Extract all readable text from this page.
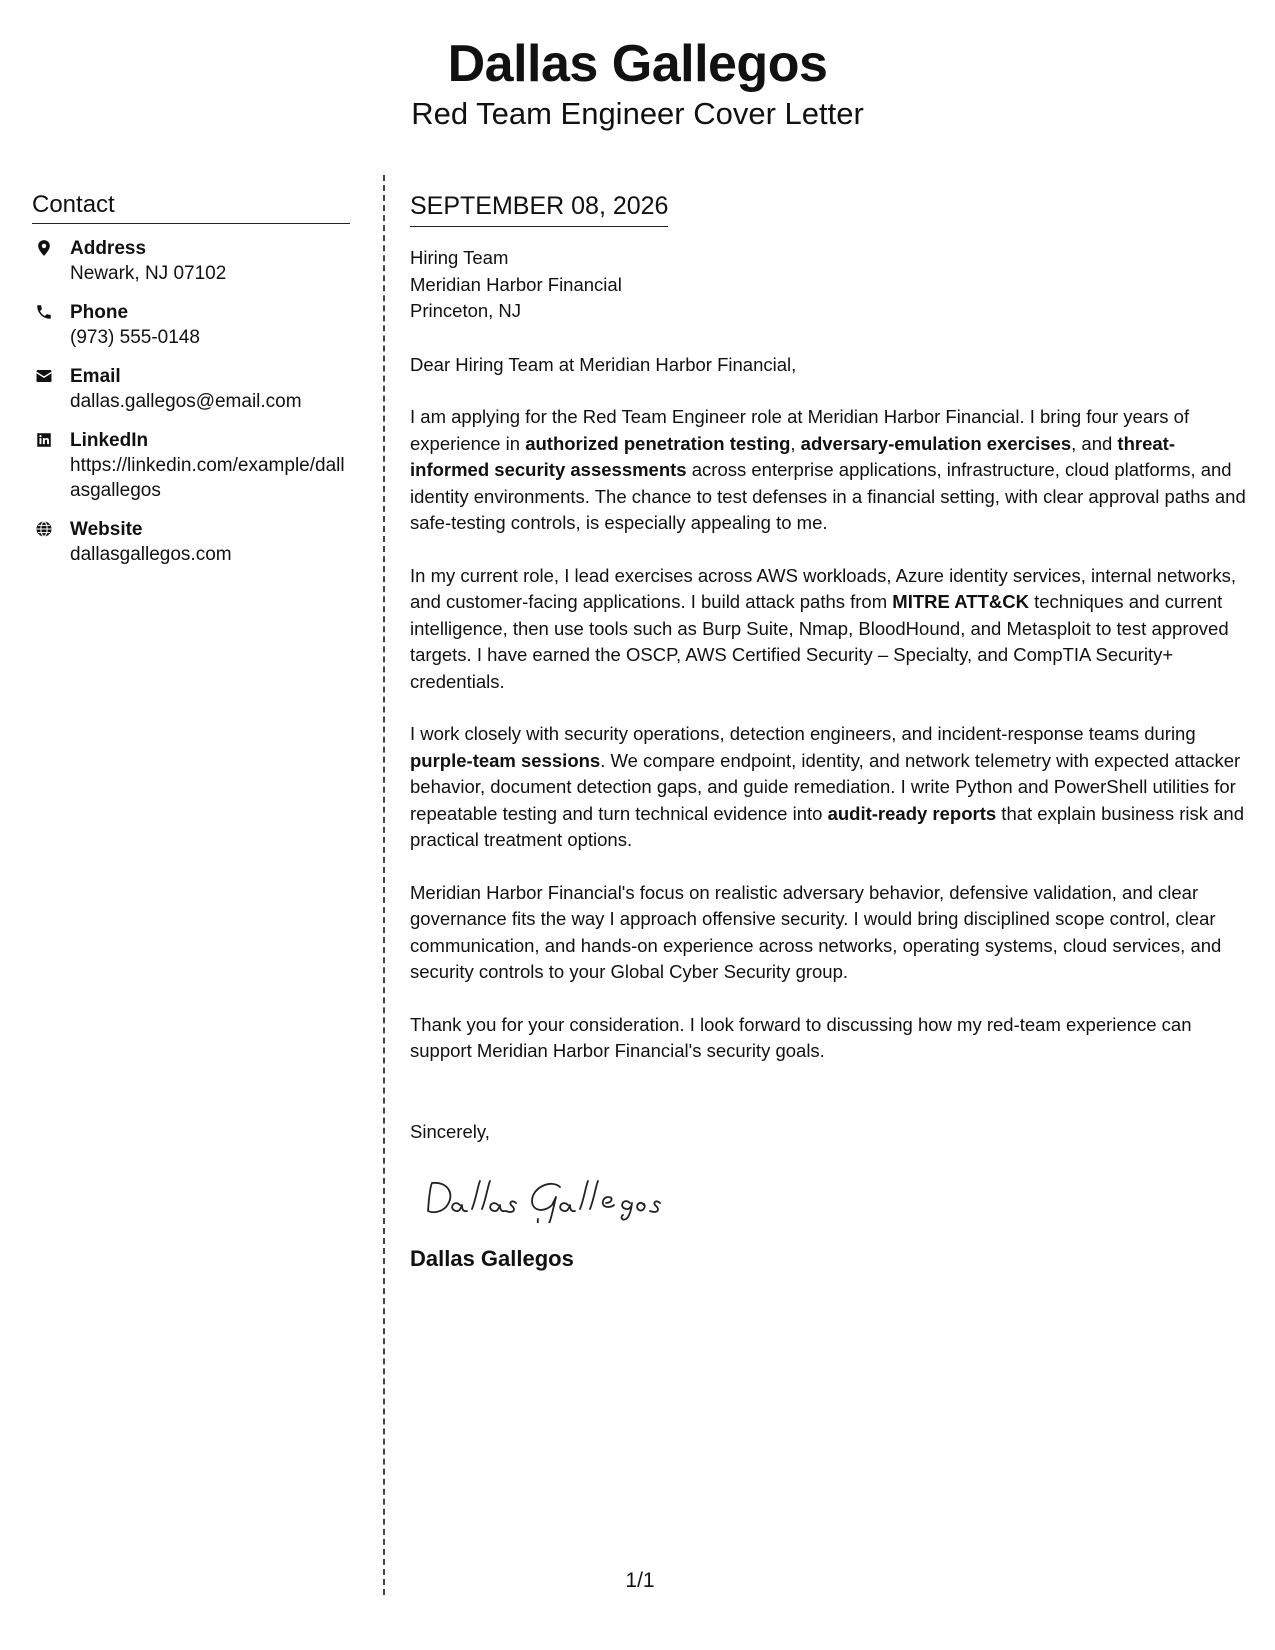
Dallas Gallegos
Red Team Engineer Cover Letter
Contact
Address
Newark, NJ 07102
Phone
(973) 555-0148
Email
dallas.gallegos@email.com
LinkedIn
https://linkedin.com/example/dallasgallegos
Website
dallasgallegos.com
SEPTEMBER 08, 2026
Hiring Team
Meridian Harbor Financial
Princeton, NJ
Dear Hiring Team at Meridian Harbor Financial,
I am applying for the Red Team Engineer role at Meridian Harbor Financial. I bring four years of experience in authorized penetration testing, adversary-emulation exercises, and threat-informed security assessments across enterprise applications, infrastructure, cloud platforms, and identity environments. The chance to test defenses in a financial setting, with clear approval paths and safe-testing controls, is especially appealing to me.
In my current role, I lead exercises across AWS workloads, Azure identity services, internal networks, and customer-facing applications. I build attack paths from MITRE ATT&CK techniques and current intelligence, then use tools such as Burp Suite, Nmap, BloodHound, and Metasploit to test approved targets. I have earned the OSCP, AWS Certified Security – Specialty, and CompTIA Security+ credentials.
I work closely with security operations, detection engineers, and incident-response teams during purple-team sessions. We compare endpoint, identity, and network telemetry with expected attacker behavior, document detection gaps, and guide remediation. I write Python and PowerShell utilities for repeatable testing and turn technical evidence into audit-ready reports that explain business risk and practical treatment options.
Meridian Harbor Financial's focus on realistic adversary behavior, defensive validation, and clear governance fits the way I approach offensive security. I would bring disciplined scope control, clear communication, and hands-on experience across networks, operating systems, cloud services, and security controls to your Global Cyber Security group.
Thank you for your consideration. I look forward to discussing how my red-team experience can support Meridian Harbor Financial's security goals.
Sincerely,
Dallas Gallegos
1/1
